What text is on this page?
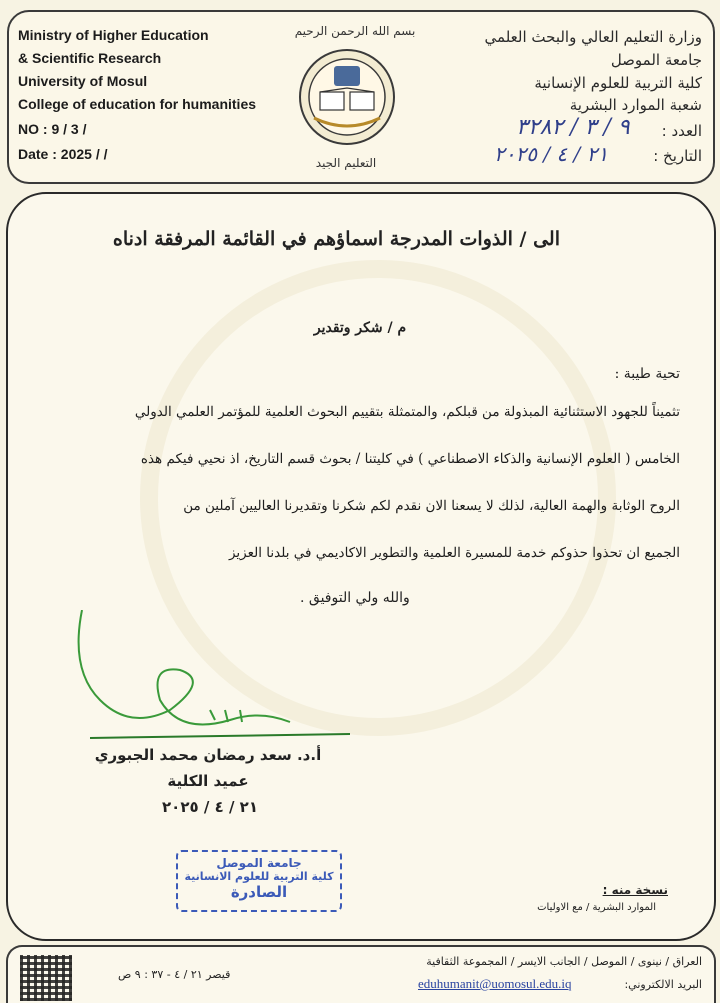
Ministry of Higher Education
& Scientific Research
University of Mosul
College of education for humanities
NO : 9 / 3 /
Date : 2025 / /
وزارة التعليم العالي والبحث العلمي
جامعة الموصل
كلية التربية للعلوم الإنسانية
شعبة الموارد البشرية
العدد :
٩ / ٣ / ٣٢٨٢
التاريخ :
٢١ / ٤ / ٢٠٢٥
بسم الله الرحمن الرحيم
التعليم الجيد
الى / الذوات المدرجة اسماؤهم في القائمة المرفقة ادناه
م / شكر وتقدير
تحية طيبة :
تثميناً للجهود الاستثنائية المبذولة من قبلكم، والمتمثلة بتقييم البحوث العلمية للمؤتمر العلمي الدولي
الخامس ( العلوم الإنسانية والذكاء الاصطناعي ) في كليتنا / بحوث قسم التاريخ، اذ نحيي فيكم هذه
الروح الوثابة والهمة العالية، لذلك لا يسعنا الان نقدم لكم شكرنا وتقديرنا العاليين آملين من
الجميع ان تحذوا حذوكم خدمة للمسيرة العلمية والتطوير الاكاديمي في بلدنا العزيز
والله ولي التوفيق .
أ.د. سعد رمضان محمد الجبوري
عميد الكلية
٢١ / ٤ / ٢٠٢٥
جامعة الموصل
كلية التربية للعلوم الانسانية
الصادرة	نسخة منه :
الموارد البشرية / مع الاوليات
العراق / نينوى / الموصل / الجانب الايسر / المجموعة الثقافية
البريد الالكتروني:
eduhumanit@uomosul.edu.iq
قيصر ٢١ / ٤ - ٣٧ : ٩ ص
